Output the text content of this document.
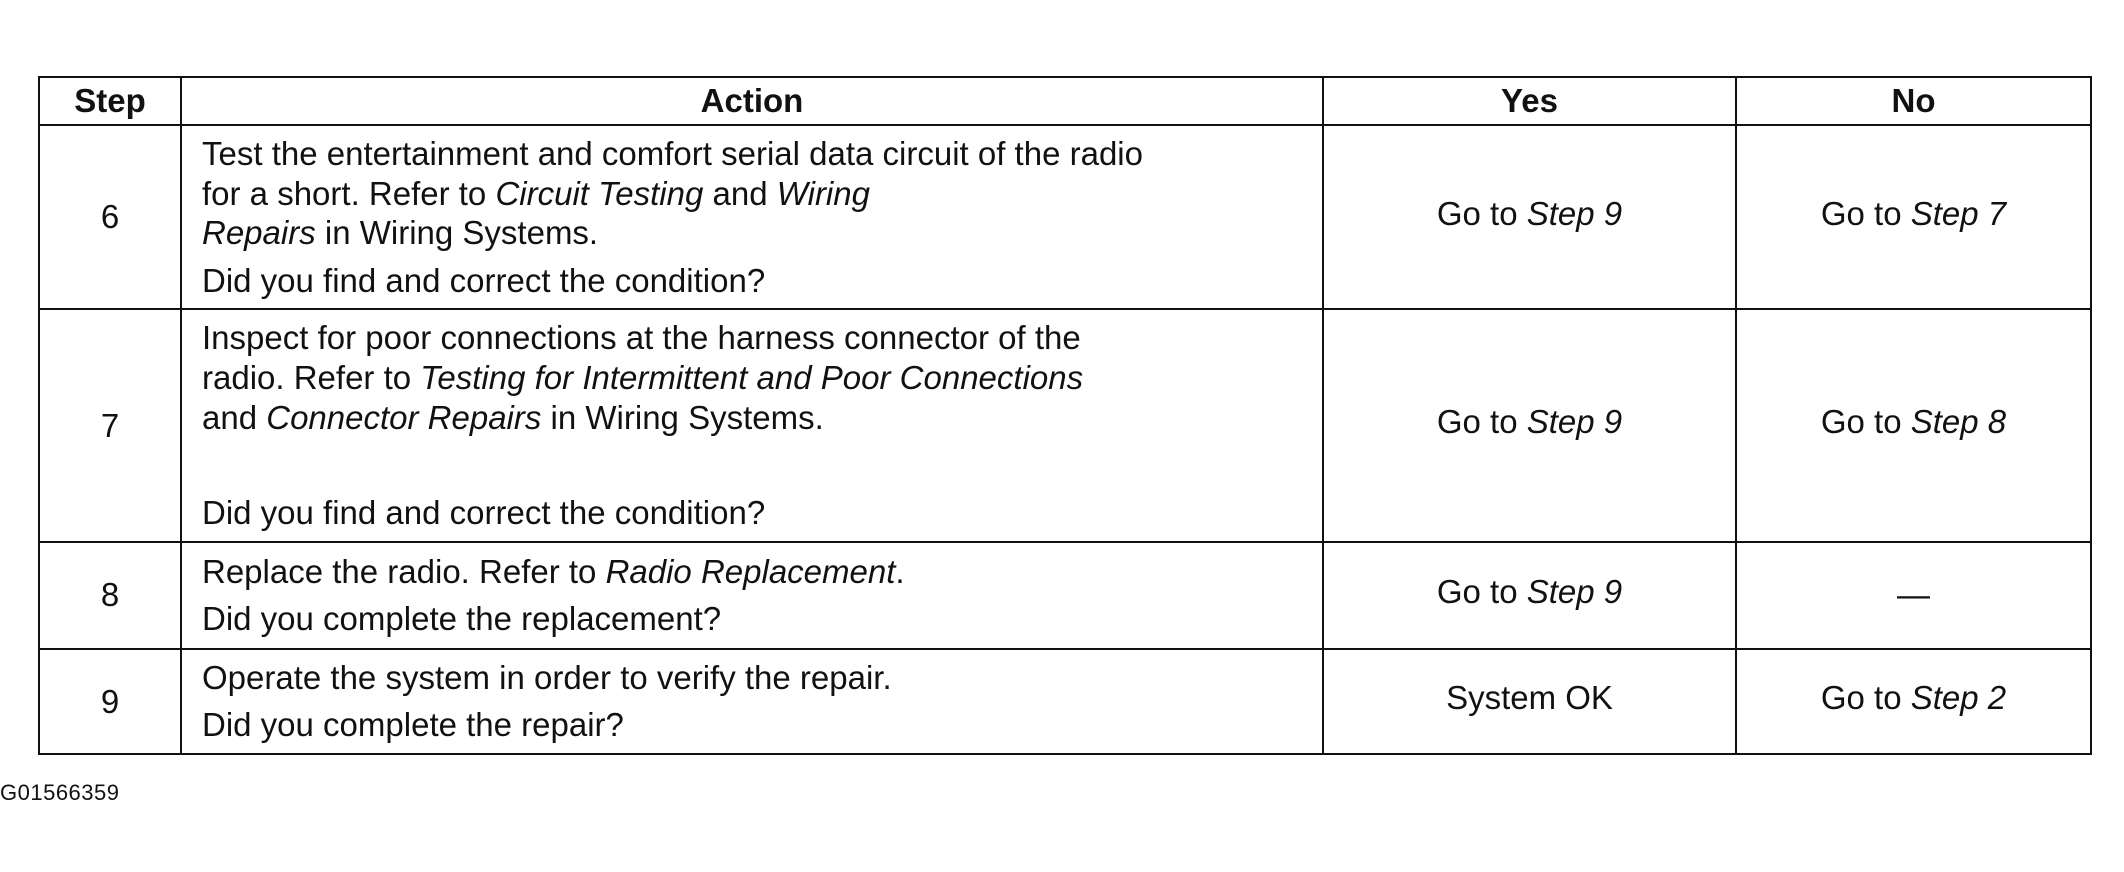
Step	Action	Yes	No
6	Test the entertainment and comfort serial data circuit of the radio
for a short. Refer to Circuit Testing and Wiring
Repairs in Wiring Systems.
Did you find and correct the condition?	Go to Step 9	Go to Step 7
7	Inspect for poor connections at the harness connector of the
radio. Refer to Testing for Intermittent and Poor Connections
and Connector Repairs in Wiring Systems.
Did you find and correct the condition?	Go to Step 9	Go to Step 8
8	Replace the radio. Refer to Radio Replacement.
Did you complete the replacement?	Go to Step 9	—
9	Operate the system in order to verify the repair.
Did you complete the repair?	System OK	Go to Step 2
G01566359
